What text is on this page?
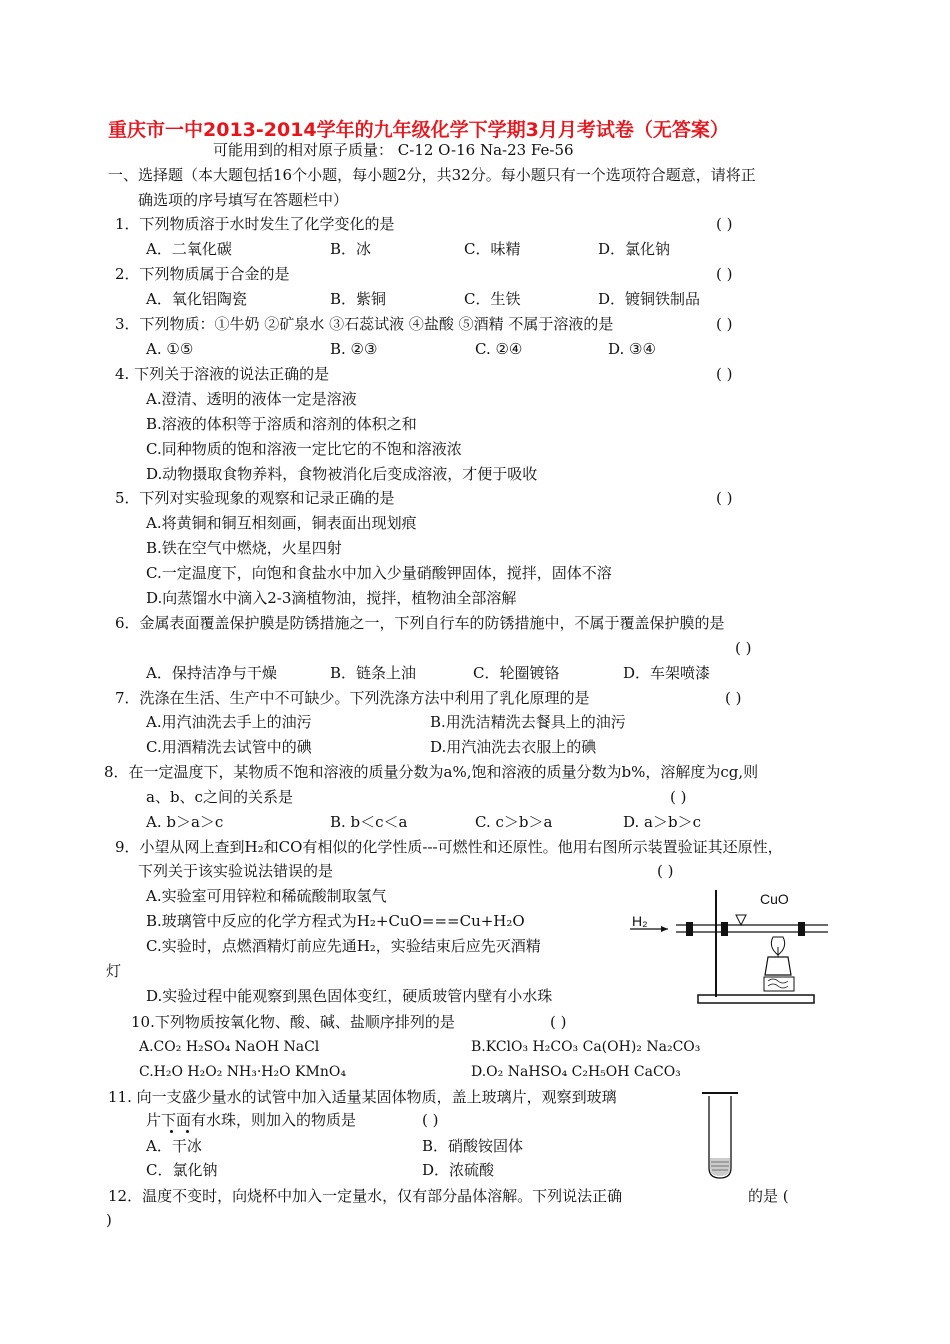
重庆市一中2013-2014学年的九年级化学下学期3月月考试卷（无答案）
可能用到的相对原子质量： C-12 O-16 Na-23 Fe-56
一、选择题（本大题包括16个小题，每小题2分，共32分。每小题只有一个选项符合题意，请将正
确选项的序号填写在答题栏中）
1．下列物质溶于水时发生了化学变化的是	( )
A．二氧化碳	B．冰	C．味精	D．氯化钠
2．下列物质属于合金的是	( )
A．氧化铝陶瓷	B．紫铜	C．生铁	D．镀铜铁制品
3．下列物质：①牛奶 ②矿泉水 ③石蕊试液 ④盐酸 ⑤酒精 不属于溶液的是	( )
A. ①⑤	B. ②③	C. ②④	D. ③④
4. 下列关于溶液的说法正确的是	( )
A.澄清、透明的液体一定是溶液
B.溶液的体积等于溶质和溶剂的体积之和
C.同种物质的饱和溶液一定比它的不饱和溶液浓
D.动物摄取食物养料，食物被消化后变成溶液，才便于吸收
5．下列对实验现象的观察和记录正确的是	( )
A.将黄铜和铜互相刻画，铜表面出现划痕
B.铁在空气中燃烧，火星四射
C.一定温度下，向饱和食盐水中加入少量硝酸钾固体，搅拌，固体不溶
D.向蒸馏水中滴入2-3滴植物油，搅拌，植物油全部溶解
6．金属表面覆盖保护膜是防锈措施之一，下列自行车的防锈措施中，不属于覆盖保护膜的是
( )
A．保持洁净与干燥	B．链条上油	C．轮圈镀铬	D．车架喷漆
7．洗涤在生活、生产中不可缺少。下列洗涤方法中利用了乳化原理的是	( )
A.用汽油洗去手上的油污	B.用洗洁精洗去餐具上的油污
C.用酒精洗去试管中的碘	D.用汽油洗去衣服上的碘
8．在一定温度下，某物质不饱和溶液的质量分数为a%,饱和溶液的质量分数为b%，溶解度为cg,则
a、b、c之间的关系是	( )
A. b＞a＞c	B. b＜c＜a	C. c＞b＞a	D. a＞b＞c
9．小望从网上查到H₂和CO有相似的化学性质---可燃性和还原性。他用右图所示装置验证其还原性，
下列关于该实验说法错误的是	( )
A.实验室可用锌粒和稀硫酸制取氢气
B.玻璃管中反应的化学方程式为H₂+CuO===Cu+H₂O
C.实验时，点燃酒精灯前应先通H₂，实验结束后应先灭酒精
灯
D.实验过程中能观察到黑色固体变红，硬质玻管内壁有小水珠
CuO
H₂
10.下列物质按氧化物、酸、碱、盐顺序排列的是	( )
A.CO₂ H₂SO₄ NaOH NaCl	B.KClO₃ H₂CO₃ Ca(OH)₂ Na₂CO₃
C.H₂O H₂O₂ NH₃·H₂O KMnO₄	D.O₂ NaHSO₄ C₂H₅OH CaCO₃
11. 向一支盛少量水的试管中加入适量某固体物质，盖上玻璃片，观察到玻璃
片下面有水珠，则加入的物质是	( )
A．干冰	B．硝酸铵固体
C．氯化钠	D．浓硫酸
12．温度不变时，向烧杯中加入一定量水，仅有部分晶体溶解。下列说法正确	的是 (
)
